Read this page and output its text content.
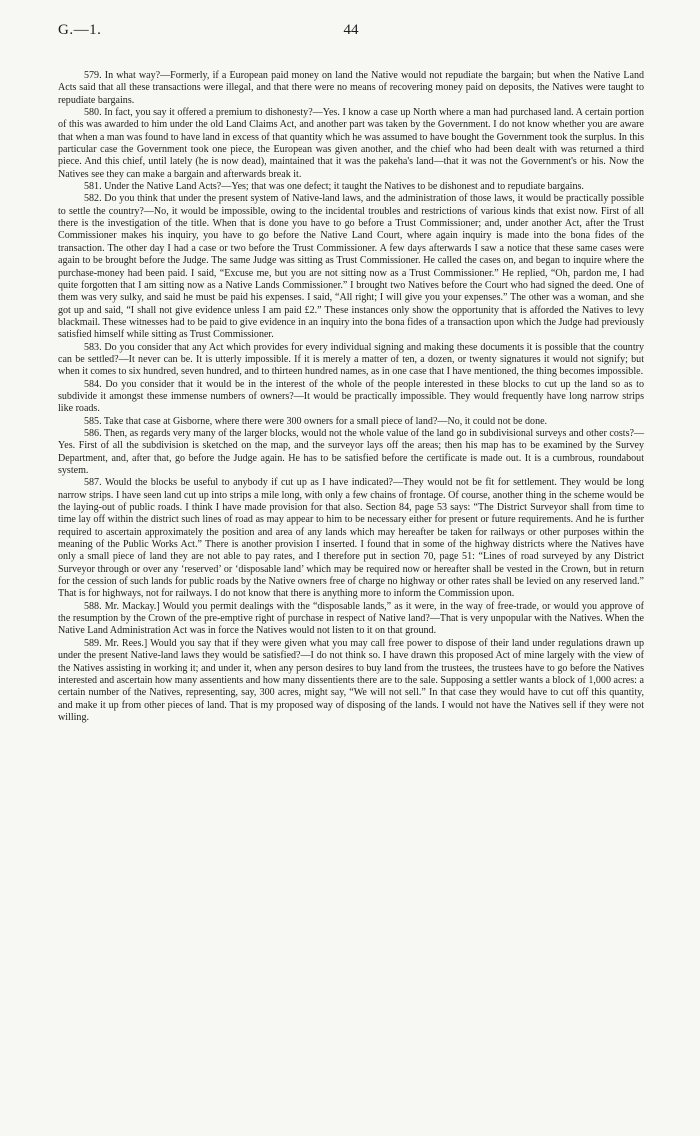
G.—1.	44

579. In what way?—Formerly, if a European paid money on land the Native would not repudiate the bargain; but when the Native Land Acts said that all these transactions were illegal, and that there were no means of recovering money paid on deposits, the Natives were taught to repudiate bargains.

580. In fact, you say it offered a premium to dishonesty?—Yes. I know a case up North where a man had purchased land. A certain portion of this was awarded to him under the old Land Claims Act, and another part was taken by the Government. I do not know whether you are aware that when a man was found to have land in excess of that quantity which he was assumed to have bought the Government took the surplus. In this particular case the Government took one piece, the European was given another, and the chief who had been dealt with was returned a third piece. And this chief, until lately (he is now dead), maintained that it was the pakeha's land—that it was not the Government's or his. Now the Natives see they can make a bargain and afterwards break it.

581. Under the Native Land Acts?—Yes; that was one defect; it taught the Natives to be dishonest and to repudiate bargains.

582. Do you think that under the present system of Native-land laws, and the administration of those laws, it would be practically possible to settle the country?—No, it would be impossible, owing to the incidental troubles and restrictions of various kinds that exist now. First of all there is the investigation of the title. When that is done you have to go before a Trust Commissioner; and, under another Act, after the Trust Commissioner makes his inquiry, you have to go before the Native Land Court, where again inquiry is made into the bona fides of the transaction. The other day I had a case or two before the Trust Commissioner. A few days afterwards I saw a notice that these same cases were again to be brought before the Judge. The same Judge was sitting as Trust Commissioner. He called the cases on, and began to inquire where the purchase-money had been paid. I said, “Excuse me, but you are not sitting now as a Trust Commissioner.” He replied, “Oh, pardon me, I had quite forgotten that I am sitting now as a Native Lands Commissioner.” I brought two Natives before the Court who had signed the deed. One of them was very sulky, and said he must be paid his expenses. I said, “All right; I will give you your expenses.” The other was a woman, and she got up and said, “I shall not give evidence unless I am paid £2.” These instances only show the opportunity that is afforded the Natives to levy blackmail. These witnesses had to be paid to give evidence in an inquiry into the bona fides of a transaction upon which the Judge had previously satisfied himself while sitting as Trust Commissioner.

583. Do you consider that any Act which provides for every individual signing and making these documents it is possible that the country can be settled?—It never can be. It is utterly impossible. If it is merely a matter of ten, a dozen, or twenty signatures it would not signify; but when it comes to six hundred, seven hundred, and to thirteen hundred names, as in one case that I have mentioned, the thing becomes impossible.

584. Do you consider that it would be in the interest of the whole of the people interested in these blocks to cut up the land so as to subdivide it amongst these immense numbers of owners?—It would be practically impossible. They would frequently have long narrow strips like roads.

585. Take that case at Gisborne, where there were 300 owners for a small piece of land?—No, it could not be done.

586. Then, as regards very many of the larger blocks, would not the whole value of the land go in subdivisional surveys and other costs?—Yes. First of all the subdivision is sketched on the map, and the surveyor lays off the areas; then his map has to be examined by the Survey Department, and, after that, go before the Judge again. He has to be satisfied before the certificate is made out. It is a cumbrous, roundabout system.

587. Would the blocks be useful to anybody if cut up as I have indicated?—They would not be fit for settlement. They would be long narrow strips. I have seen land cut up into strips a mile long, with only a few chains of frontage. Of course, another thing in the scheme would be the laying-out of public roads. I think I have made provision for that also. Section 84, page 53 says: “The District Surveyor shall from time to time lay off within the district such lines of road as may appear to him to be necessary either for present or future requirements. And he is further required to ascertain approximately the position and area of any lands which may hereafter be taken for railways or other purposes within the meaning of the Public Works Act.” There is another provision I inserted. I found that in some of the highway districts where the Natives have only a small piece of land they are not able to pay rates, and I therefore put in section 70, page 51: “Lines of road surveyed by any District Surveyor through or over any ‘reserved’ or ‘disposable land’ which may be required now or hereafter shall be vested in the Crown, but in return for the cession of such lands for public roads by the Native owners free of charge no highway or other rates shall be levied on any reserved land.” That is for highways, not for railways. I do not know that there is anything more to inform the Commission upon.

588. Mr. Mackay.] Would you permit dealings with the “disposable lands,” as it were, in the way of free-trade, or would you approve of the resumption by the Crown of the pre-emptive right of purchase in respect of Native land?—That is very unpopular with the Natives. When the Native Land Administration Act was in force the Natives would not listen to it on that ground.

589. Mr. Rees.] Would you say that if they were given what you may call free power to dispose of their land under regulations drawn up under the present Native-land laws they would be satisfied?—I do not think so. I have drawn this proposed Act of mine largely with the view of the Natives assisting in working it; and under it, when any person desires to buy land from the trustees, the trustees have to go before the Natives interested and ascertain how many assentients and how many dissentients there are to the sale. Supposing a settler wants a block of 1,000 acres: a certain number of the Natives, representing, say, 300 acres, might say, “We will not sell.” In that case they would have to cut off this quantity, and make it up from other pieces of land. That is my proposed way of disposing of the lands. I would not have the Natives sell if they were not willing.
